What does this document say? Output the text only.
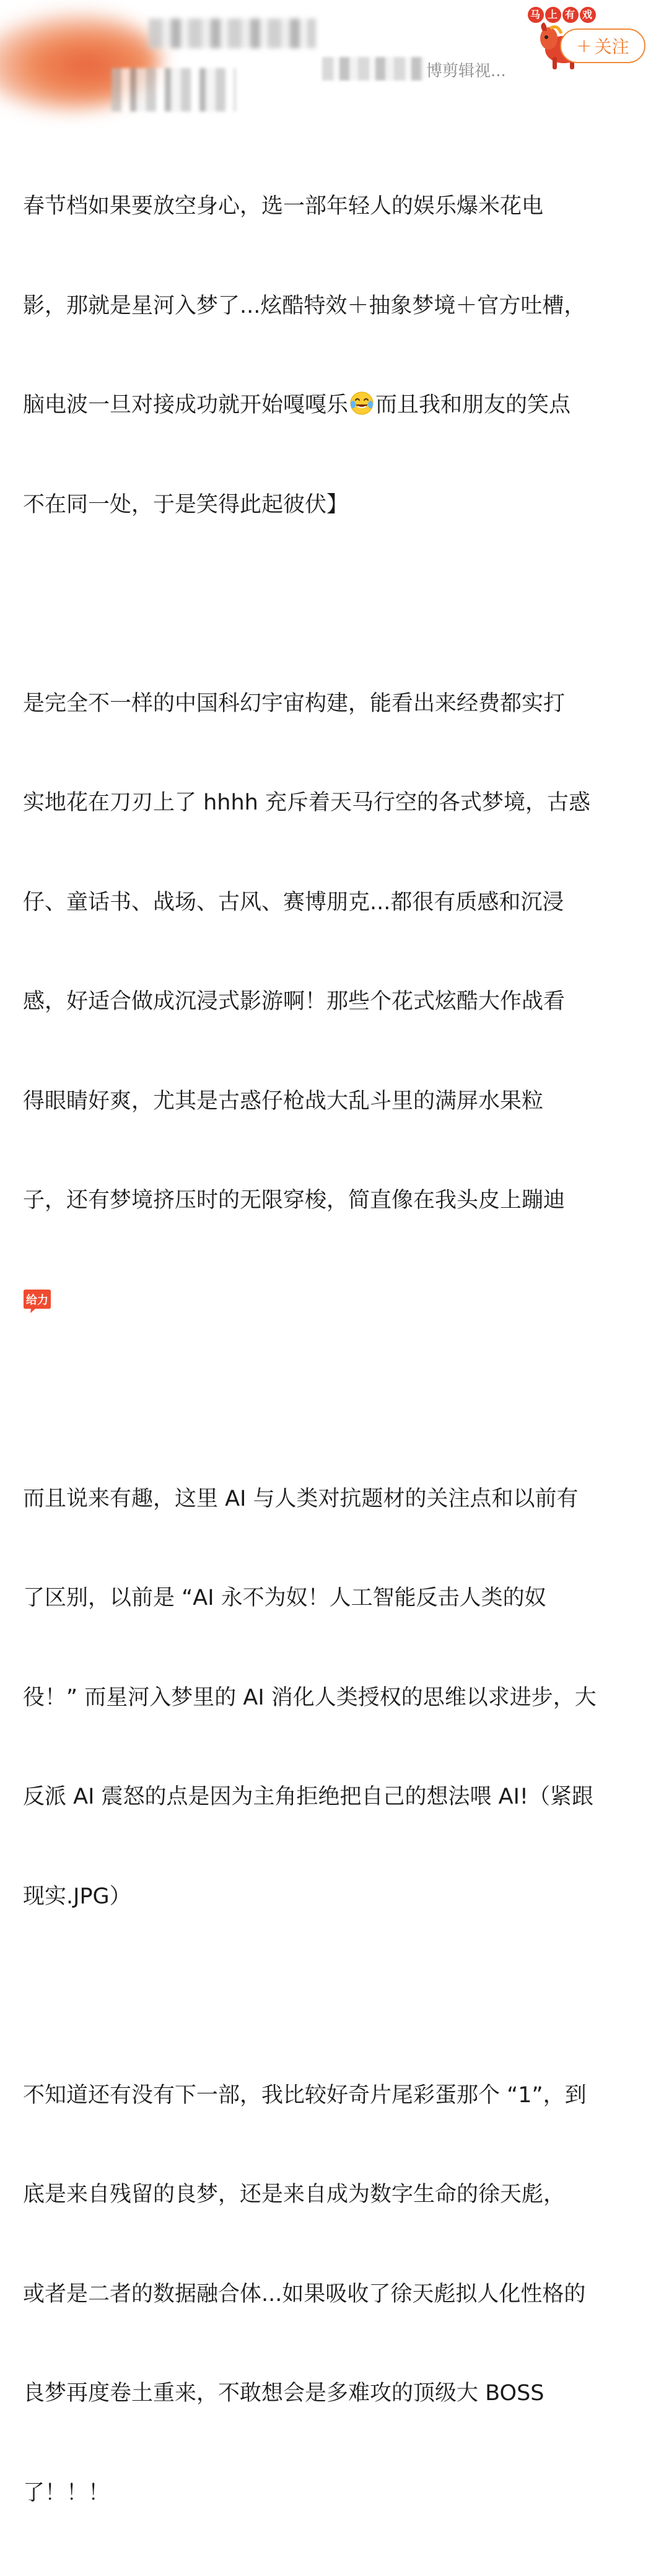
博剪辑视...
马 上 有 戏
+ 关注

春节档如果要放空身心，选一部年轻人的娱乐爆米花电

影，那就是星河入梦了...炫酷特效＋抽象梦境＋官方吐槽，

脑电波一旦对接成功就开始嘎嘎乐 而且我和朋友的笑点

不在同一处，于是笑得此起彼伏】

是完全不一样的中国科幻宇宙构建，能看出来经费都实打

实地花在刀刃上了 hhhh 充斥着天马行空的各式梦境，古惑

仔、童话书、战场、古风、赛博朋克...都很有质感和沉浸

感，好适合做成沉浸式影游啊！那些个花式炫酷大作战看

得眼睛好爽，尤其是古惑仔枪战大乱斗里的满屏水果粒

子，还有梦境挤压时的无限穿梭，简直像在我头皮上蹦迪

给力

而且说来有趣，这里 AI 与人类对抗题材的关注点和以前有

了区别，以前是 “AI 永不为奴！人工智能反击人类的奴

役！” 而星河入梦里的 AI 消化人类授权的思维以求进步，大

反派 AI 震怒的点是因为主角拒绝把自己的想法喂 AI!（紧跟

现实.JPG）

不知道还有没有下一部，我比较好奇片尾彩蛋那个 “1”，到

底是来自残留的良梦，还是来自成为数字生命的徐天彪，

或者是二者的数据融合体...如果吸收了徐天彪拟人化性格的

良梦再度卷土重来，不敢想会是多难攻的顶级大 BOSS

了！！！
